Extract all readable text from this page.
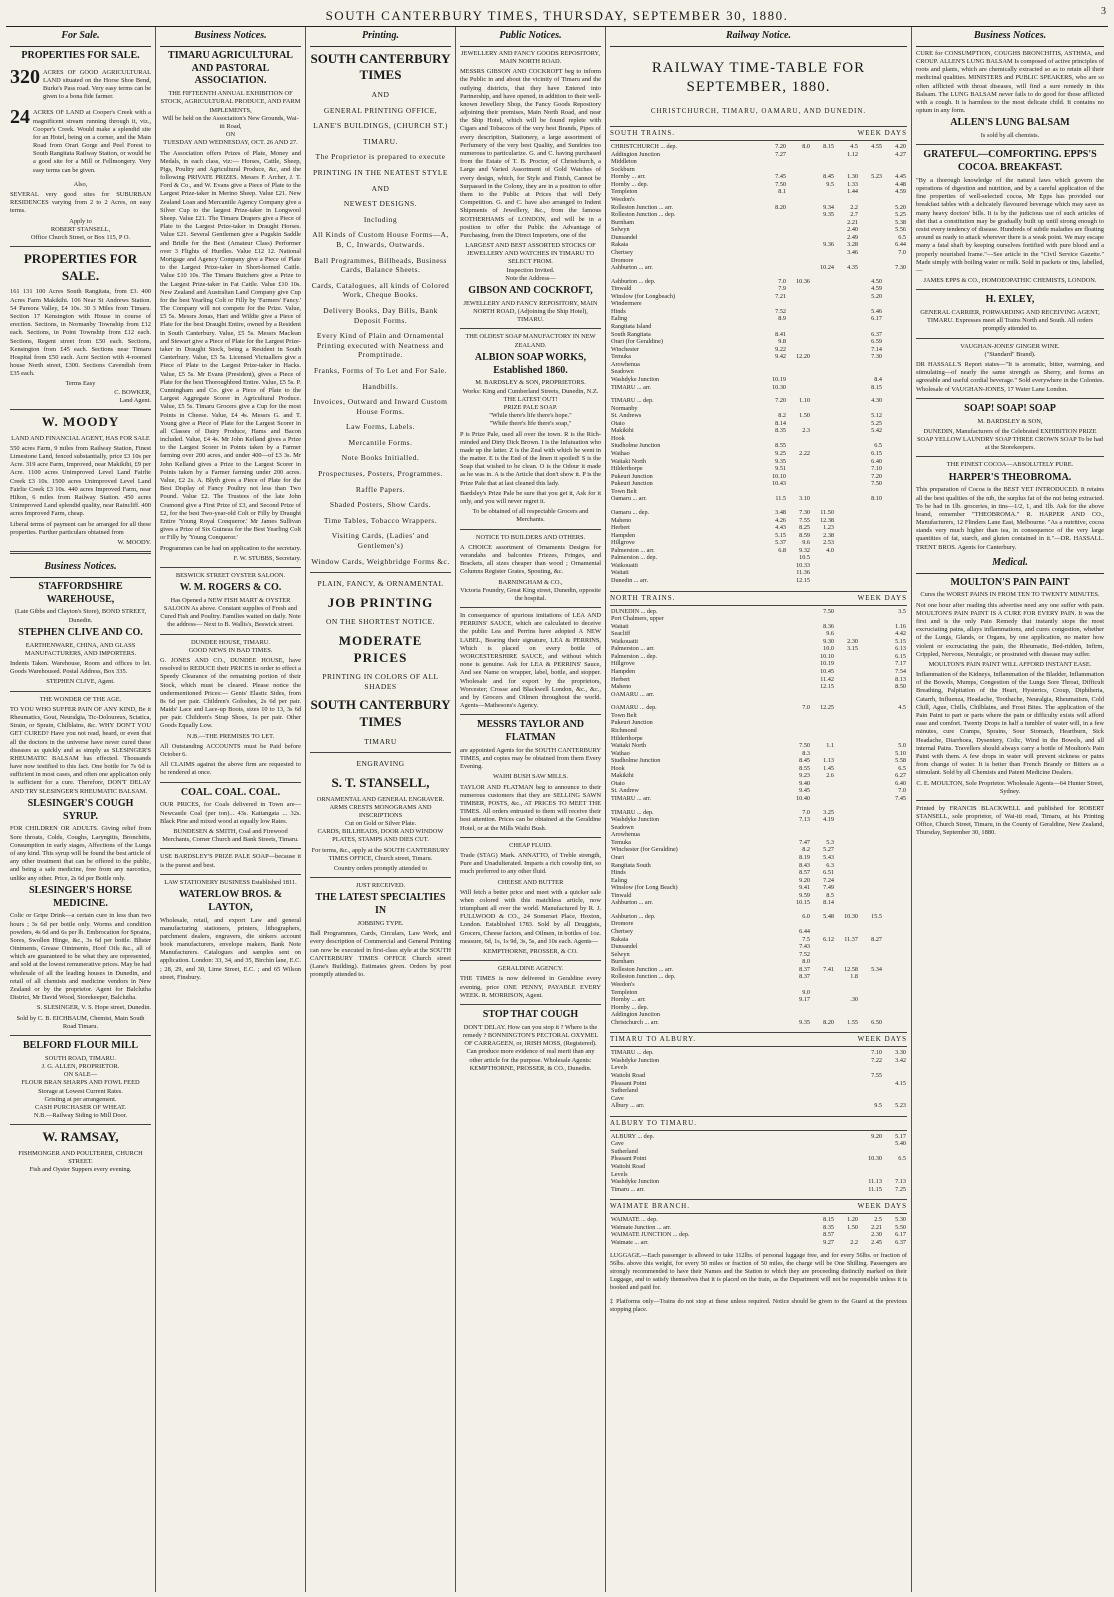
SOUTH CANTERBURY TIMES, THURSDAY, SEPTEMBER 30, 1880.	3
For Sale.
PROPERTIES FOR SALE.
320 ACRES OF GOOD AGRICULTURAL LAND situated on the Horse Shoe Bend, Burke's Pass road. Very easy terms can be given to a bona fide farmer.

24 ACRES OF LAND at Cooper's Creek with a magnificent stream running through it, viz., Cooper's Creek. Would make a splendid site for an Hotel, being on a corner, and the Main Road from Orari Gorge and Peel Forest to South Rangitata Railway Station, or would be a good site for a Mill or Fellmongery. Very easy terms can be given.

Also,

SEVERAL very good sites for SUBURBAN RESIDENCES varying from 2 to 2 Acres, on easy terms.

Apply to
ROBERT STANSELL,
Office Church Street, or Box 115, P O.
PROPERTIES FOR SALE.

161 131 100 Acres South Rangitata, from £3. 400 Acres Farm Makikihi. 106 Near St Andrews Station. 54 Pareora Valley, £4 10s. 30 3 Miles from Timaru. Section 17 Kensington with House in course of erection. Sections, in Normanby Township from £12 each. Sections, in Point Township from £12 each. Sections, Regent street from £50 each. Sections, Kensington from £45 each. Sections near Timaru Hospital from £50 each. Acre Section with 4-roomed house North street, £300. Sections Cavendish from £35 each.

Terms Easy
C. BOWKER,
Land Agent.
W. MOODY
LAND AND FINANCIAL AGENT, HAS FOR SALE

550 acres Farm, 9 miles from Railway Station, Finest Limestone Land, fenced substantially, price £3 10s per Acre. 319 acre Farm, Improved, near Makikihi, £9 per Acre. 1100 acres Unimproved Level Land Fairlie Creek £3 10s. 1500 acres Unimproved Level Land Fairlie Creek £3 10s. 440 acres Improved Farm, near Hilton, 6 miles from Railway Station. 450 acres Unimproved Land splendid quality, near Raincliff. 400 acres Improved Farm, cheap.

Liberal terms of payment can be arranged for all these properties. Further particulars obtained from

W. MOODY.
Business Notices.
STAFFORDSHIRE WAREHOUSE,
(Late Gibbs and Clayton's Store), BOND STREET, Dunedin.
STEPHEN CLIVE AND CO.
EARTHENWARE, CHINA, AND GLASS MANUFACTURERS, AND IMPORTERS.

Indents Taken. Warehouse, Room and offices to let. Goods Warehoused. Postal Address, Box 335.

STEPHEN CLIVE, Agent.
THE WONDER OF THE AGE.

TO YOU WHO SUFFER PAIN OF ANY KIND, Be it Rheumatics, Gout, Neuralgia, Tic-Doloureux, Sciatica, Strain, or Sprain, Chilblains, &c. WHY DON'T YOU GET CURED? Have you not read, heard, or even that all the doctors in the universe have never cured these diseases as quickly and as simply as SLESINGER'S RHEUMATIC BALSAM has effected. Thousands have now testified to this fact. One bottle for 7s 6d is sufficient in most cases, and often one application only is sufficient for a cure. Therefore, DON'T DELAY AND TRY SLESINGER'S RHEUMATIC BALSAM.

SLESINGER'S COUGH SYRUP.

FOR CHILDREN OR ADULTS. Giving relief from Sore throats, Colds, Coughs, Laryngitis, Bronchitis, Consumption in early stages, Affections of the Lungs of any kind. This syrup will be found the best article of any other treatment that can be offered to the public, and being a safe medicine, free from any narcotics, unlike any other. Price, 2s 6d per Bottle only.

SLESINGER'S HORSE MEDICINE.

Colic or Gripe Drink—a certain cure in less than two hours ; 3s 6d per bottle only. Worms and condition powders, 4s 6d and 6s per lb. Embrocation for Sprains, Sores, Swollen Hinge, &c., 3s 6d per bottle. Blister Ointments, Grease Ointments, Hoof Oils &c., all of which are guaranteed to be what they are represented, and sold at the lowest remunerative prices. May be had wholesale of all the leading houses in Dunedin, and retail of all chemists and medicine vendors in New Zealand or by the proprietor. Agent for Balclutha District, Mr David Wood, Storekeeper, Balclutha.

S. SLESINGER, V. S. Hope street, Dunedin.

Sold by C. B. EICHBAUM, Chemist, Main South Road Timaru.

BELFORD FLOUR MILL
SOUTH ROAD, TIMARU.
J. G. ALLEN, PROPRIETOR.
ON SALE—
FLOUR BRAN SHARPS AND FOWL FEED
Storage at Lowest Current Rates.
Gristing at per arrangement.
CASH PURCHASER OF WHEAT.
N.B.—Railway Siding to Mill Door.
W. RAMSAY,
FISHMONGER AND POULTERER, CHURCH STREET.
Fish and Oyster Suppers every evening.
Business Notices.
TIMARU AGRICULTURAL AND PASTORAL ASSOCIATION.
THE FIFTEENTH ANNUAL EXHIBITION OF STOCK, AGRICULTURAL PRODUCE, AND FARM IMPLEMENTS,
Will be held on the Association's New Grounds, Wai-iti Road,
ON
TUESDAY AND WEDNESDAY, OCT. 26 AND 27.

The Association offers Prizes of Plate, Money and Medals, in each class, viz:— Horses, Cattle, Sheep, Pigs, Poultry and Agricultural Produce, &c, and the following PRIVATE PRIZES. Messrs F. Archer, J. T. Ford & Co., and W. Evans give a Piece of Plate to the Largest Prize-taker in Merino Sheep. Value £21. New Zealand Loan and Mercantile Agency Company give a Silver Cup to the largest Prize-taker in Longwool Sheep. Value £21. The Timaru Drapers give a Piece of Plate to the Largest Prize-taker in Draught Horses. Value £21. Several Gentlemen give a Pugskin Saddle and Bridle for the Best (Amateur Class) Performer over 3 Flights of Hurdles. Value £12 12. National Mortgage and Agency Company give a Piece of Plate to the Largest Prize-taker in Short-horned Cattle. Value £10 10s. The Timaru Butchers give a Prize to the Largest Prize-taker in Fat Cattle. Value £10 10s. New Zealand and Australian Land Company give Cup for the best Yearling Colt or Filly by 'Farmers' Fancy.' The Company will not compete for the Prize. Value, £5 5s. Messrs Jonas, Hart and Wildie give a Piece of Plate for the best Draught Entire, owned by a Resident in South Canterbury. Value, £5 5s. Messrs Maclean and Stewart give a Piece of Plate for the Largest Prize-taker in Draught Stock, being a Resident in South Canterbury. Value, £5 5s. Licensed Victuallers give a Piece of Plate to the Largest Prize-taker in Hacks. Value, £5 5s. Mr Evans (President), gives a Piece of Plate for the best Thoroughbred Entire. Value, £5 5s. P. Cunningham and Co. give a Piece of Plate to the Largest Aggregate Scorer in Agricultural Produce. Value, £5 5s. Timaru Grocers give a Cup for the most Points in Cheese. Value, £4 4s. Messrs G. and T. Young give a Piece of Plate for the Largest Scorer in all Classes of Dairy Produce, Hams and Bacon included. Value, £4 4s. Mr John Kelland gives a Prize to the Largest Scorer in Points taken by a Farmer farming over 200 acres, and under 400—of £3 3s. Mr John Kelland gives a Prize to the Largest Scorer in Points taken by a Farmer farming under 200 acres. Value, £2 2s. A. Blyth gives a Piece of Plate for the Best Display of Fancy Poultry not less than Two Pound. Value £2. The Trustees of the late John Cramond give a First Prize of £3, and Second Prize of £2, for the best Two-year-old Colt or Filly by Draught Entire 'Young Royal Conqueror.' Mr James Sullivan gives a Prize of Six Guineas for the Best Yearling Colt or Filly by 'Young Conqueror.'

Programmes can be had on application to the secretary.

F. W. STUBBS, Secretary.
BESWICK STREET OYSTER SALOON.
W. M. ROGERS & CO.

Has Opened a NEW FISH MART & OYSTER SALOON As above. Constant supplies of Fresh and Cured Fish and Poultry. Families waited on daily. Note the address— Next to B. Wallis's, Beswick street.

DUNDEE HOUSE, TIMARU.
GOOD NEWS IN BAD TIMES.

G. JONES AND CO., DUNDEE HOUSE, have resolved to REDUCE their PRICES in order to effect a Speedy Clearance of the remaining portion of their Stock, which must be cleared. Please notice the undermentioned Prices:— Gents' Elastic Sides, from 8s 6d per pair. Children's Goloshes, 2s 6d per pair. Maids' Lace and Lace-up Boots, sizes 10 to 13, 3s 6d per pair. Children's Strap Shoes, 1s per pair. Other Goods Equally Low.

N.B.—THE PREMISES TO LET.

All Outstanding ACCOUNTS must be Paid before October 6.

All CLAIMS against the above firm are requested to be rendered at once.

COAL. COAL. COAL.

OUR PRICES, for Coals delivered in Town are— Newcastle Coal (per ton)... 43s. Kaitangata ... 32s. Black Pine and mixed wood at equally low Rates.

BUNDESEN & SMITH, Coal and Firewood Merchants, Corner Church and Bank Streets, Timaru.

USE BARDSLEY'S PRIZE PALE SOAP—because it is the purest and best.

LAW STATIONERY BUSINESS Established 1811.
WATERLOW BROS. & LAYTON,

Wholesale, retail, and export Law and general manufacturing stationers, printers, lithographers, parchment dealers, engravers, die sinkers account book manufacturers, envelope makers, Bank Note Manufacturers. Catalogues and samples sent on application. London: 33, 34, and 35, Birchin lane, E.C. ; 28, 29, and 30, Lime Street, E.C. ; and 65 Wilson street, Finsbury.

Printing.
SOUTH CANTERBURY TIMES
AND
GENERAL PRINTING OFFICE,
LANE'S BUILDINGS, (CHURCH ST.)
TIMARU.
The Proprietor is prepared to execute
PRINTING IN THE NEATEST STYLE
AND
NEWEST DESIGNS.
Including
All Kinds of Custom House Forms—A, B, C, Inwards, Outwards.
Ball Programmes, Billheads, Business Cards, Balance Sheets.
Cards, Catalogues, all kinds of Colored Work, Cheque Books.
Delivery Books, Day Bills, Bank Deposit Forms.
Every Kind of Plain and Ornamental Printing executed with Neatness and Promptitude.
Franks, Forms of To Let and For Sale.
Handbills.
Invoices, Outward and Inward Custom House Forms.
Law Forms, Labels.
Mercantile Forms.
Note Books Initialled.
Prospectuses, Posters, Programmes.
Raffle Papers.
Shaded Posters, Show Cards.
Time Tables, Tobacco Wrappers.
Visiting Cards, (Ladies' and Gentlemen's)
Window Cards, Weighbridge Forms &c.
PLAIN, FANCY, & ORNAMENTAL
JOB PRINTING
ON THE SHORTEST NOTICE.
MODERATE PRICES
PRINTING IN COLORS OF ALL SHADES
SOUTH CANTERBURY TIMES
TIMARU
ENGRAVING
S. T. STANSELL,
ORNAMENTAL AND GENERAL ENGRAVER.
ARMS CRESTS MONOGRAMS AND INSCRIPTIONS
Cut on Gold or Silver Plate.
CARDS, BILLHEADS, DOOR AND WINDOW PLATES, STAMPS AND DIES CUT.

For terms, &c., apply at the SOUTH CANTERBURY TIMES OFFICE, Church street, Timaru.

Country orders promptly attended to
JUST RECEIVED.
THE LATEST SPECIALTIES IN
JOBBING TYPE.

Ball Programmes, Cards, Circulars, Law Work, and every description of Commercial and General Printing can now be executed in first-class style at the SOUTH CANTERBURY TIMES OFFICE Church street (Lane's Building). Estimates given. Orders by post promptly attended to.

Public Notices.
JEWELLERY AND FANCY GOODS REPOSITORY, MAIN NORTH ROAD.

MESSRS GIBSON AND COCKROFT beg to inform the Public in and about the vicinity of Timaru and the outlying districts, that they have Entered into Partnership, and have opened, in addition to their well-known Jewellery Shop, the Fancy Goods Repository adjoining their premises, Main North Road, and near the Ship Hotel, which will be found replete with Cigars and Tobaccos of the very best Brands, Pipes of every description, Stationery, a large assortment of Perfumery of the very best Quality, and Sundries too numerous to particularize. G. and C. having purchased from the Estate of T. B. Proctor, of Christchurch, a Large and Varied Assortment of Gold Watches of every design, which, for Style and Finish, Cannot be Surpassed in the Colony, they are in a position to offer them to the Public at Prices that will Defy Competition. G. and C. have also arranged to Indent Shipments of Jewellery, &c., from the famous ROTHERHAMS of LONDON, and will be in a position to offer the Public the Advantage of Purchasing, from the Direct Importers, one of the

LARGEST AND BEST ASSORTED STOCKS OF JEWELLERY AND WATCHES IN TIMARU TO SELECT FROM.
Inspection Invited.
Note the Address—
GIBSON AND COCKROFT,
JEWELLERY AND FANCY REPOSITORY, MAIN NORTH ROAD, (Adjoining the Ship Hotel), TIMARU.
THE OLDEST SOAP MANUFACTORY IN NEW ZEALAND.
ALBION SOAP WORKS, Established 1860.
M. BARDSLEY & SON, PROPRIETORS.
Works: King and Cumberland Streets, Dunedin, N.Z.
THE LATEST OUT!
PRIZE PALE SOAP.
"While there's life there's hope."
"While there's life there's soap,"

P is Prize Pale, used all over the town. R is the Rich-minded and Dirty Dick Brown. I is the Infatuation who made up the latter. Z is the Zeal with which he went in the matter. E is the End of the linen it spoiled! S is the Soap that wished to be clean. O is the Odour it made as he was in. A is the Article that don't show it. P is the Prize Pale that at last cleaned this lady.

Bardsley's Prize Pale be sure that you get it, Ask for it only, and you will never regret it.

To be obtained of all respectable Grocers and Merchants.

NOTICE TO BUILDERS AND OTHERS.

A CHOICE assortment of Ornaments Designs for verandahs and balconies Friezes, Fringes, and Brackets, all sizes cheaper than wood ; Ornamental Columns Register Grates, Spouting, &c.

BARNINGHAM & CO.,
Victoria Foundry, Great King street, Dunedin, opposite the hospital.

In consequence of spurious imitations of LEA AND PERRINS' SAUCE, which are calculated to deceive the public Lea and Perrins have adopted A NEW LABEL, Bearing their signature, LEA & PERRINS, Which is placed on every bottle of WORCESTERSHIRE SAUCE, and without which none is genuine. Ask for LEA & PERRINS' Sauce, And see Name on wrapper, label, bottle, and stopper. Wholesale and for export by the proprietors, Worcester; Crosse and Blackwell London, &c., &c., and by Grocers and Oilmen throughout the world. Agents—Mathesons's Agency.

MESSRS TAYLOR AND FLATMAN

are appointed Agents for the SOUTH CANTERBURY TIMES, and copies may be obtained from them Every Evening.

WAIHI BUSH SAW MILLS.

TAYLOR AND FLATMAN beg to announce to their numerous customers that they are SELLING SAWN TIMBER, POSTS, &c., AT PRICES TO MEET THE TIMES. All orders entrusted to them will receive their best attention. Prices can be obtained at the Geraldine Hotel, or at the Mills Waihi Bush.

CHEAP FLUID.

Trade (STAG) Mark. ANNATTO, of Treble strength, Pure and Unadulterated. Imparts a rich cowslip tint, so much preferred to any other fluid.

CHEESE AND BUTTER

Will fetch a better price and meet with a quicker sale when colored with this matchless article, now triumphant all over the world. Manufactured by R. J. FULLWOOD & CO., 24 Somerset Place, Hoxton, London. Established 1783. Sold by all Druggists, Grocers, Cheese factors, and Oilmen, in bottles of 1oz. measure, 6d, 1s, 1s 9d, 3s, 5s, and 10s each. Agents—

KEMPTHORNE, PROSSER, & CO.
GERALDINE AGENCY.

THE TIMES is now delivered in Geraldine every evening, price ONE PENNY, PAYABLE EVERY WEEK. R. MORRISON, Agent.

STOP THAT COUGH

DON'T DELAY. How can you stop it ? Where is the remedy ? BONNINGTON'S PECTORAL OXYMEL OF CARRAGEEN, or, IRISH MOSS, (Registered). Can produce more evidence of real merit than any other article for the purpose. Wholesale Agents: KEMPTHORNE, PROSSER, & CO., Dunedin.

Railway Notice.
RAILWAY TIME-TABLE FOR SEPTEMBER, 1880.
CHRISTCHURCH, TIMARU, OAMARU, AND DUNEDIN.
SOUTH TRAINS.	WEEK DAYS
CHRISTCHURCH ... dep.	7.20	8.0	8.15	4.5	4.55	4.20
Addington Junction	7.27			1.12		4.27
Middleton						
Sockburn						
Hornby ... arr.	7.45		8.45	1.30	5.23	4.45

Hornby ... dep.	7.50		9.5	1.33		4.48
Templeton	8.1			1.44		4.59
Weedon's						
Rolleston Junction ... arr.	8.20		9.34	2.2		5.20
Rolleston Junction ... dep.			9.35	2.7		5.25
Burnham				2.21		5.38
Selwyn				2.40		5.56
Dunsandel				2.49		6.5
Rakaia			9.36	3.28		6.44
Chertsey				3.46		7.0
Dromore						
Ashburton ... arr.			10.24	4.35		7.30

Ashburton ... dep.	7.0	10.36			4.50	
Tinwald	7.9				4.59	
Winslow (for Longbeach)	7.21				5.20	
Windermere						
Hinds	7.52				5.46	
Ealing	8.9				6.17	
Rangitata Island						
South Rangitata	8.41				6.37	
Orari (for Geraldine)	9.8				6.59	
Winchester	9.22				7.14	
Temuka	9.42	12.20			7.30	
Arowhenua						
Seadown						
Washdyke Junction	10.19				8.4	
TIMARU ... arr.	10.30				8.15	

TIMARU ... dep.	7.20	1.10			4.30	
Normanby						
St. Andrews	8.2	1.50			5.12	
Otaio	8.14				5.25	
Makikihi	8.35	2.3			5.42	
Hook						
Studholme Junction	8.55				6.5	
Waihao	9.25	2.22			6.15	
Waitaki North	9.35				6.40	
Hilderthorpe	9.51				7.10	
Pukeuri Junction	10.10				7.20	
Pukeuri Junction	10.43				7.50	
Town Belt						
Oamaru ... arr.	11.5	3.10			8.10	

Oamaru ... dep.	3.48	7.30	11.50			
Maheno	4.26	7.55	12.38			
Herbert	4.43	8.25	1.23			
Hampden	5.15	8.59	2.38			
Hillgrove	5.37	9.6	2.53			
Palmerston ... arr.	6.8	9.32	4.0			
Palmerston ... dep.		10.5				
Waikouaiti		10.33				
Waitati		11.36				
Dunedin ... arr.		12.15				
NORTH TRAINS.	WEEK DAYS
DUNEDIN ... dep.		7.50			3.5
Port Chalmers, upper					
Waitati		8.36			1.16
Seacliff		9.6			4.42
Waikouaiti		9.30	2.30		5.15
Palmerston ... arr.		10.0	3.15		6.13
Palmerston ... dep.		10.10			6.15
Hillgrove		10.19			7.17
Hampden		10.45			7.54
Herbert		11.42			8.13
Maheno		12.15			8.50
OAMARU ... arr.					

OAMARU ... dep.	7.0	12.25			4.5
Town Belt					
Pukeuri Junction					
Richmond					
Hilderthorpe					
Waitaki North	7.50	1.1			5.0
Waihao	8.3				5.10
Studholme Junction	8.45	1.13			5.58
Hook	8.55	1.45			6.5
Makikihi	9.23	2.6			6.27
Otaio	9.40				6.40
St. Andrew	9.45				7.0
TIMARU ... arr.	10.40				7.45

TIMARU ... dep.	7.0	3.25			
Washdyke Junction	7.13	4.19			
Seadown					
Arowhenua					
Temuka	7.47	5.3			
Winchester (for Geraldine)	8.2	5.27			
Orari	8.19	5.43			
Rangitata South	8.43	6.3			
Hinds	8.57	6.51			
Ealing	9.20	7.24			
Winslow (for Long Beach)	9.41	7.49			
Tinwald	9.59	8.5			
Ashburton ... arr.	10.15	8.14			

Ashburton ... dep.	6.0	5.48	10.30	15.5	
Dromore					
Chertsey	6.44				
Rakaia	7.5	6.12	11.37	8.27	
Dunsandel	7.43				
Selwyn	7.52				
Burnham	8.0				
Rolleston Junction ... arr.	8.37	7.41	12.58	5.34	
Rolleston Junction ... dep.	8.37		1.8		
Weedon's					
Templeton	9.0				
Hornby ... arr.	9.17		.30		
Hornby ... dep.					
Addington Junction					
Christchurch ... arr.	9.35	8.20	1.55	6.50	
TIMARU TO ALBURY.	WEEK DAYS
TIMARU ... dep.	7.10	3.30
Washdyke Junction	7.22	3.42
Levels		
Waitohi Road	7.55	
Pleasant Point		4.15
Sutherland		
Cave		
Albury ... arr.	9.5	5.23
ALBURY TO TIMARU.
ALBURY ... dep.	9.20	5.17
Cave		5.40
Sutherland		
Pleasant Point	10.30	6.5
Waitohi Road		
Levels		
Washdyke Junction	11.13	7.13
Timaru ... arr.	11.15	7.25
WAIMATE BRANCH.	WEEK DAYS
WAIMATE ... dep.	8.15	1.20	2.5	5.30
Waimate Junction ... arr.	8.35	1.50	2.21	5.50
WAIMATE JUNCTION ... dep.	8.57		2.30	6.17
Waimate ... arr.	9.27	2.2	2.45	6.37
LUGGAGE.—Each passenger is allowed to take 112lbs. of personal luggage free, and for every 56lbs. or fraction of 56lbs. above this weight, for every 50 miles or fraction of 50 miles, the charge will be One Shilling. Passengers are strongly recommended to have their Names and the Station to which they are proceeding distinctly marked on their Luggage, and to satisfy themselves that it is placed on the train, as the Department will not be responsible unless it is booked and paid for.
‡ Platforms only—Trains do not stop at these unless required. Notice should be given to the Guard at the previous stopping place.
Business Notices.

CURE for CONSUMPTION, COUGHS BRONCHITIS, ASTHMA, and CROUP. ALLEN'S LUNG BALSAM Is composed of active principles of roots and plants, which are chemically extracted so as to retain all their medicinal qualities. MINISTERS and PUBLIC SPEAKERS, who are so often afflicted with throat diseases, will find a sure remedy in this Balsam. The LUNG BALSAM never fails to do good for those afflicted with a cough. It is harmless to the most delicate child. It contains no opium in any form.

ALLEN'S LUNG BALSAM
Is sold by all chemists.
GRATEFUL—COMFORTING. EPPS'S COCOA. BREAKFAST.

"By a thorough knowledge of the natural laws which govern the operations of digestion and nutrition, and by a careful application of the fine properties of well-selected cocoa, Mr Epps has provided our breakfast tables with a delicately flavoured beverage which may save us many heavy doctors' bills. It is by the judicious use of such articles of diet that a constitution may be gradually built up until strong enough to resist every tendency of disease. Hundreds of subtle maladies are floating around us ready to attack wherever there is a weak point. We may escape many a fatal shaft by keeping ourselves fortified with pure blood and a properly nourished frame."—See article in the "Civil Service Gazette." Made simply with boiling water or milk. Sold in packets or tins, labelled,—

JAMES EPPS & CO., HOMOEOPATHIC CHEMISTS, LONDON.
H. EXLEY,

GENERAL CARRIER, FORWARDING AND RECEIVING AGENT, TIMARU. Expresses meet all Trains North and South. All orders promptly attended to.

VAUGHAN-JONES' GINGER WINE.
("Standard" Brand).

DR HASSALL'S Report states—"It is aromatic, bitter, warming, and stimulating—of nearly the same strength as Sherry, and forms an agreeable and useful cordial beverage." Sold everywhere in the Colonies. Wholesale of VAUGHAN-JONES, 17 Water Lane London.

SOAP! SOAP! SOAP
M. BARDSLEY & SON,

DUNEDIN, Manufacturers of the Celebrated EXHIBITION PRIZE SOAP YELLOW LAUNDRY SOAP THREE CROWN SOAP To be had at the Storekeepers.

THE FINEST COCOA—ABSOLUTELY PURE.
HARPER'S THEOBROMA.

This preparation of Cocoa is the BEST YET INTRODUCED. It retains all the best qualities of the nib, the surplus fat of the nut being extracted. To be had in 1lb. groceries, in tins—1/2, 1, and 1lb. Ask for the above brand, remember "THEOBROMA." R. HARPER AND CO., Manufacturers, 12 Flinders Lane East, Melbourne. "As a nutritive, cocoa stands very much higher than tea, in consequence of the very large quantities of fat, starch, and gluten contained in it."—DR. HASSALL. TRENT BROS. Agents for Canterbury.

Medical.
MOULTON'S PAIN PAINT
Cures the WORST PAINS IN FROM TEN TO TWENTY MINUTES.

Not one hour after reading this advertise need any one suffer with pain. MOULTON'S PAIN PAINT IS A CURE FOR EVERY PAIN. It was the first and is the only Pain Remedy that instantly stops the most excruciating pains, allays inflammations, and cures congestion, whether of the Lungs, Glands, or Organs, by one application, no matter how violent or excruciating the pain, the Rheumatic, Bed-ridden, Infirm, Crippled, Nervous, Neuralgic, or prostrated with disease may suffer.

MOULTON'S PAIN PAINT WILL AFFORD INSTANT EASE.

Inflammation of the Kidneys, Inflammation of the Bladder, Inflammation of the Bowels, Mumps, Congestion of the Lungs Sore Throat, Difficult Breathing, Palpitation of the Heart, Hysterics, Croup, Diphtheria, Catarrh, Influenza, Headache, Toothache, Neuralgia, Rheumatism, Cold Chill, Ague, Chills, Chilblains, and Frost Bites. The application of the Pain Paint to part or parts where the pain or difficulty exists will afford ease and comfort. Twenty Drops in half a tumbler of water will, in a few minutes, cure Cramps, Sprains, Sour Stomach, Heartburn, Sick Headache, Diarrhoea, Dysentery, Colic, Wind in the Bowels, and all internal Pains. Travellers should always carry a bottle of Moulton's Pain Paint with them. A few drops in water will prevent sickness or pains from change of water. It is better than French Brandy or Bitters as a stimulant. Sold by all Chemists and Patent Medicine Dealers.

C. E. MOULTON, Sole Proprietor. Wholesale Agents—64 Hunter Street, Sydney.

Printed by FRANCIS BLACKWELL and published for ROBERT STANSELL, sole proprietor, of Wai-iti road, Timaru, at his Printing Office, Church Street, Timaru, in the County of Geraldine, New Zealand, Thursday, September 30, 1880.
